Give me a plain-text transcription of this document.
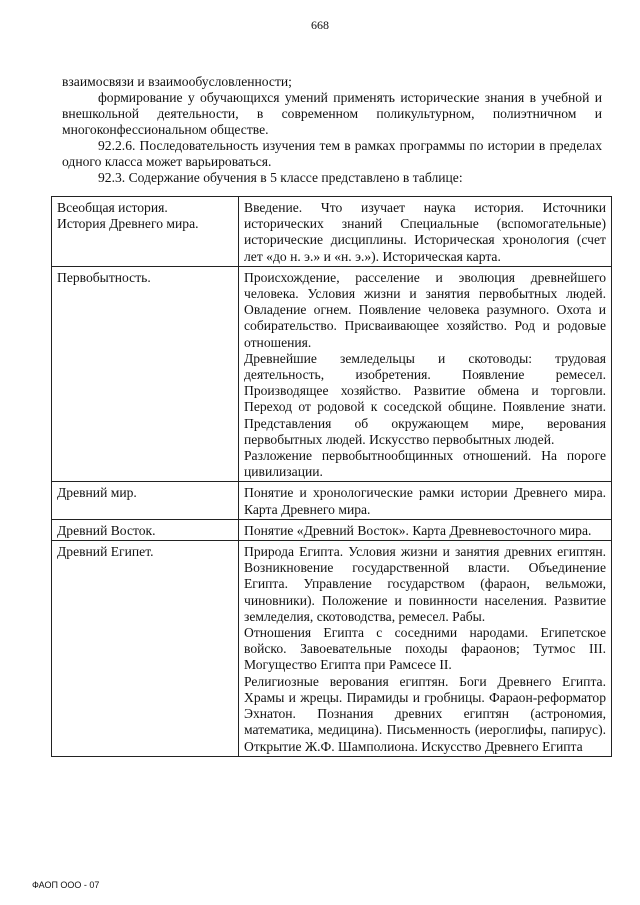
668

взаимосвязи и взаимообусловленности;

формирование у обучающихся умений применять исторические знания в учебной и внешкольной деятельности, в современном поликультурном, полиэтничном и многоконфессиональном обществе.

92.2.6. Последовательность изучения тем в рамках программы по истории в пределах одного класса может варьироваться.

92.3. Содержание обучения в 5 классе представлено в таблице:

Всеобщая история.
История Древнего мира.	Введение. Что изучает наука история. Источники исторических знаний Специальные (вспомогательные) исторические дисциплины. Историческая хронология (счет лет «до н. э.» и «н. э.»). Историческая карта.

Первобытность.	Происхождение, расселение и эволюция древнейшего человека. Условия жизни и занятия первобытных людей. Овладение огнем. Появление человека разумного. Охота и собирательство. Присваивающее хозяйство. Род и родовые отношения.

Древнейшие земледельцы и скотоводы: трудовая деятельность, изобретения. Появление ремесел. Производящее хозяйство. Развитие обмена и торговли. Переход от родовой к соседской общине. Появление знати. Представления об окружающем мире, верования первобытных людей. Искусство первобытных людей.

Разложение первобытнообщинных отношений. На пороге цивилизации.

Древний мир.	Понятие и хронологические рамки истории Древнего мира. Карта Древнего мира.

Древний Восток.	Понятие «Древний Восток». Карта Древневосточного мира.

Древний Египет.	Природа Египта. Условия жизни и занятия древних египтян. Возникновение государственной власти. Объединение Египта. Управление государством (фараон, вельможи, чиновники). Положение и повинности населения. Развитие земледелия, скотоводства, ремесел. Рабы.

Отношения Египта с соседними народами. Египетское войско. Завоевательные походы фараонов; Тутмос III. Могущество Египта при Рамсесе II.

Религиозные верования египтян. Боги Древнего Египта. Храмы и жрецы. Пирамиды и гробницы. Фараон-реформатор Эхнатон. Познания древних египтян (астрономия, математика, медицина). Письменность (иероглифы, папирус). Открытие Ж.Ф. Шамполиона. Искусство Древнего Египта

ФАОП ООО - 07
